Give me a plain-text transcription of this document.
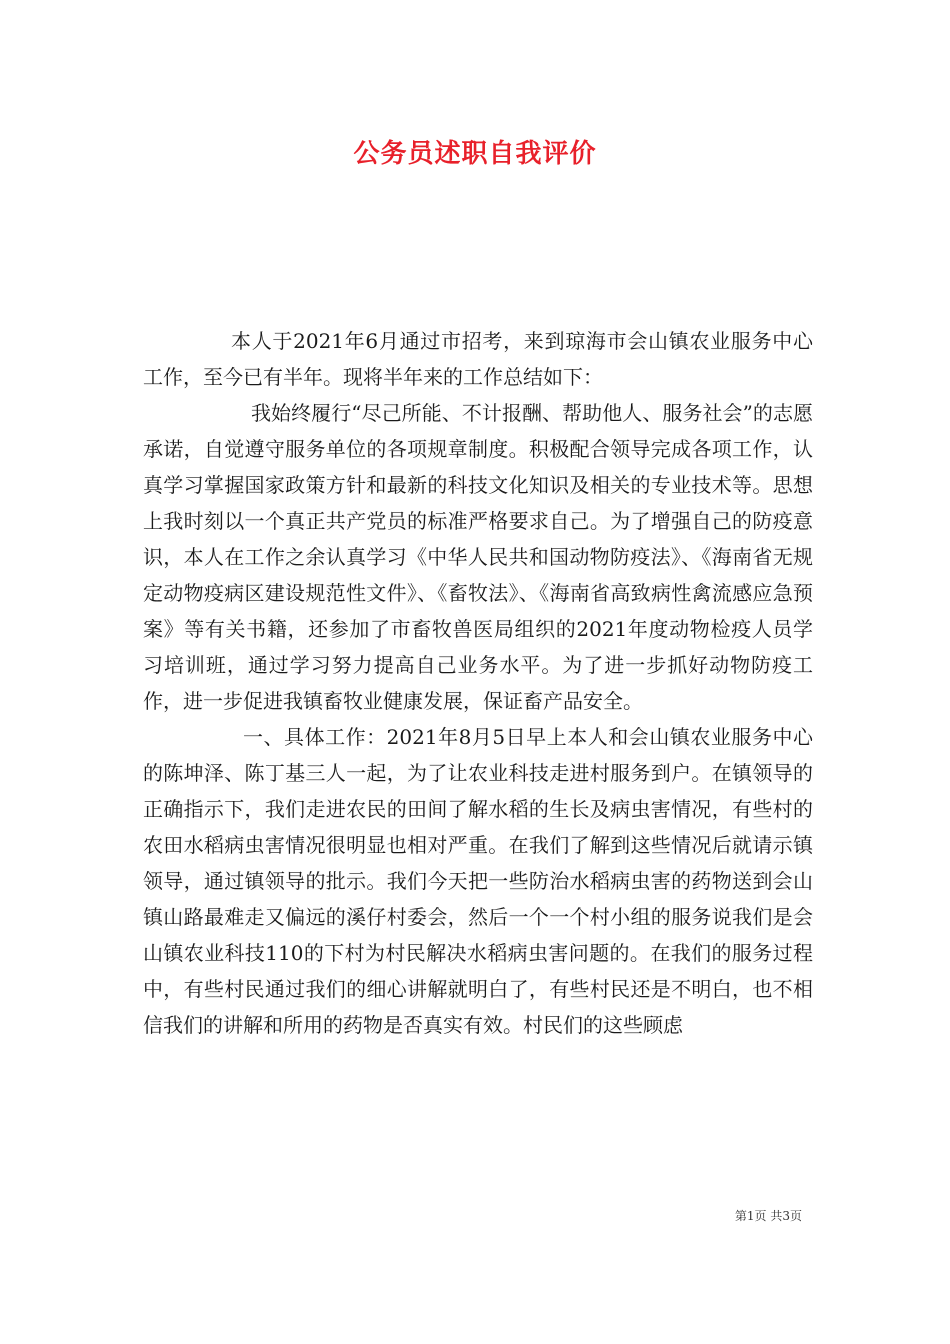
公务员述职自我评价

本人于2021年6月通过市招考，来到琼海市会山镇农业服务中心工作，至今已有半年。现将半年来的工作总结如下：

我始终履行“尽己所能、不计报酬、帮助他人、服务社会”的志愿承诺，自觉遵守服务单位的各项规章制度。积极配合领导完成各项工作，认真学习掌握国家政策方针和最新的科技文化知识及相关的专业技术等。思想上我时刻以一个真正共产党员的标准严格要求自己。为了增强自己的防疫意识，本人在工作之余认真学习《中华人民共和国动物防疫法》、《海南省无规定动物疫病区建设规范性文件》、《畜牧法》、《海南省高致病性禽流感应急预案》等有关书籍，还参加了市畜牧兽医局组织的2021年度动物检疫人员学习培训班，通过学习努力提高自己业务水平。为了进一步抓好动物防疫工作，进一步促进我镇畜牧业健康发展，保证畜产品安全。

一、具体工作：2021年8月5日早上本人和会山镇农业服务中心的陈坤泽、陈丁基三人一起，为了让农业科技走进村服务到户。在镇领导的正确指示下，我们走进农民的田间了解水稻的生长及病虫害情况，有些村的农田水稻病虫害情况很明显也相对严重。在我们了解到这些情况后就请示镇领导，通过镇领导的批示。我们今天把一些防治水稻病虫害的药物送到会山镇山路最难走又偏远的溪仔村委会，然后一个一个村小组的服务说我们是会山镇农业科技110的下村为村民解决水稻病虫害问题的。在我们的服务过程中，有些村民通过我们的细心讲解就明白了，有些村民还是不明白，也不相信我们的讲解和所用的药物是否真实有效。村民们的这些顾虑

第1页 共3页
